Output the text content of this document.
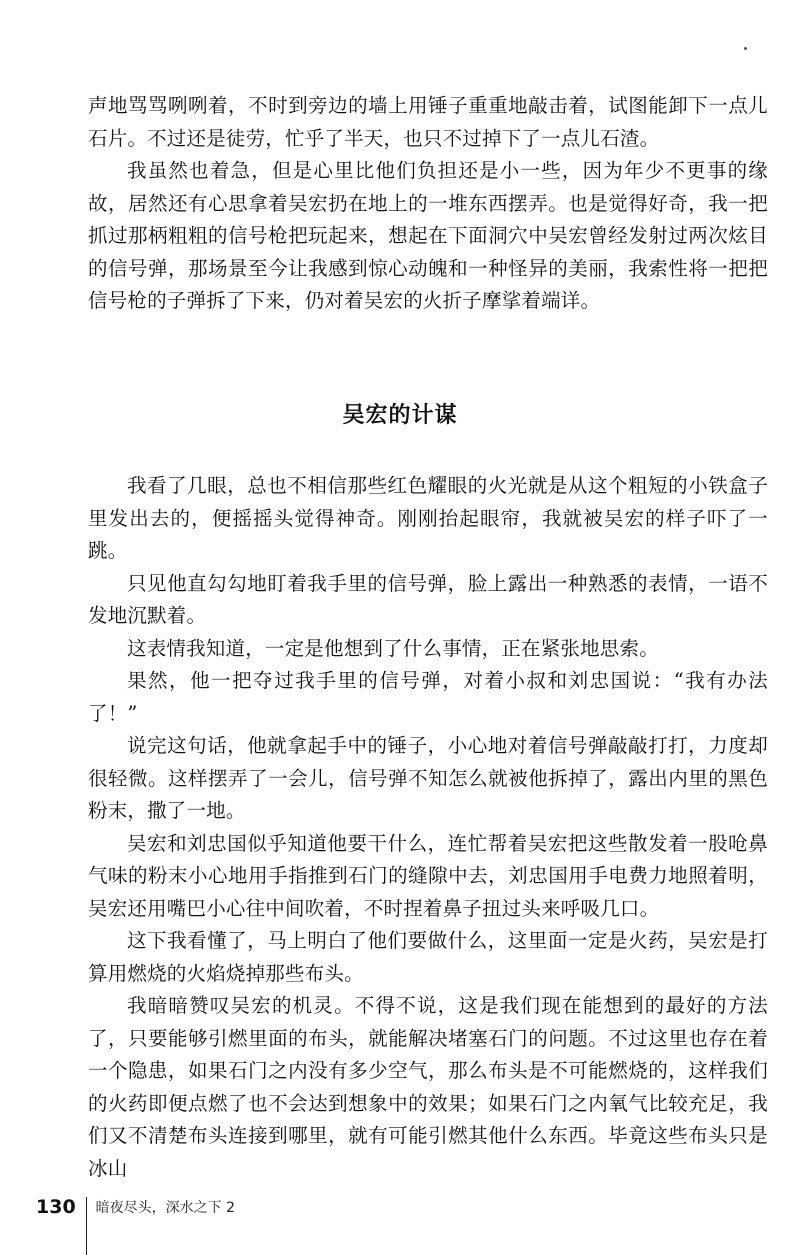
声地骂骂咧咧着，不时到旁边的墙上用锤子重重地敲击着，试图能卸下一点儿石片。不过还是徒劳，忙乎了半天，也只不过掉下了一点儿石渣。

我虽然也着急，但是心里比他们负担还是小一些，因为年少不更事的缘故，居然还有心思拿着吴宏扔在地上的一堆东西摆弄。也是觉得好奇，我一把抓过那柄粗粗的信号枪把玩起来，想起在下面洞穴中吴宏曾经发射过两次炫目的信号弹，那场景至今让我感到惊心动魄和一种怪异的美丽，我索性将一把把信号枪的子弹拆了下来，仍对着吴宏的火折子摩挲着端详。

吴宏的计谋

我看了几眼，总也不相信那些红色耀眼的火光就是从这个粗短的小铁盒子里发出去的，便摇摇头觉得神奇。刚刚抬起眼帘，我就被吴宏的样子吓了一跳。

只见他直勾勾地盯着我手里的信号弹，脸上露出一种熟悉的表情，一语不发地沉默着。

这表情我知道，一定是他想到了什么事情，正在紧张地思索。

果然，他一把夺过我手里的信号弹，对着小叔和刘忠国说：“我有办法了！”

说完这句话，他就拿起手中的锤子，小心地对着信号弹敲敲打打，力度却很轻微。这样摆弄了一会儿，信号弹不知怎么就被他拆掉了，露出内里的黑色粉末，撒了一地。

吴宏和刘忠国似乎知道他要干什么，连忙帮着吴宏把这些散发着一股呛鼻气味的粉末小心地用手指推到石门的缝隙中去，刘忠国用手电费力地照着明，吴宏还用嘴巴小心往中间吹着，不时捏着鼻子扭过头来呼吸几口。

这下我看懂了，马上明白了他们要做什么，这里面一定是火药，吴宏是打算用燃烧的火焰烧掉那些布头。

我暗暗赞叹吴宏的机灵。不得不说，这是我们现在能想到的最好的方法了，只要能够引燃里面的布头，就能解决堵塞石门的问题。不过这里也存在着一个隐患，如果石门之内没有多少空气，那么布头是不可能燃烧的，这样我们的火药即便点燃了也不会达到想象中的效果；如果石门之内氧气比较充足，我们又不清楚布头连接到哪里，就有可能引燃其他什么东西。毕竟这些布头只是冰山

130 暗夜尽头，深水之下 2
